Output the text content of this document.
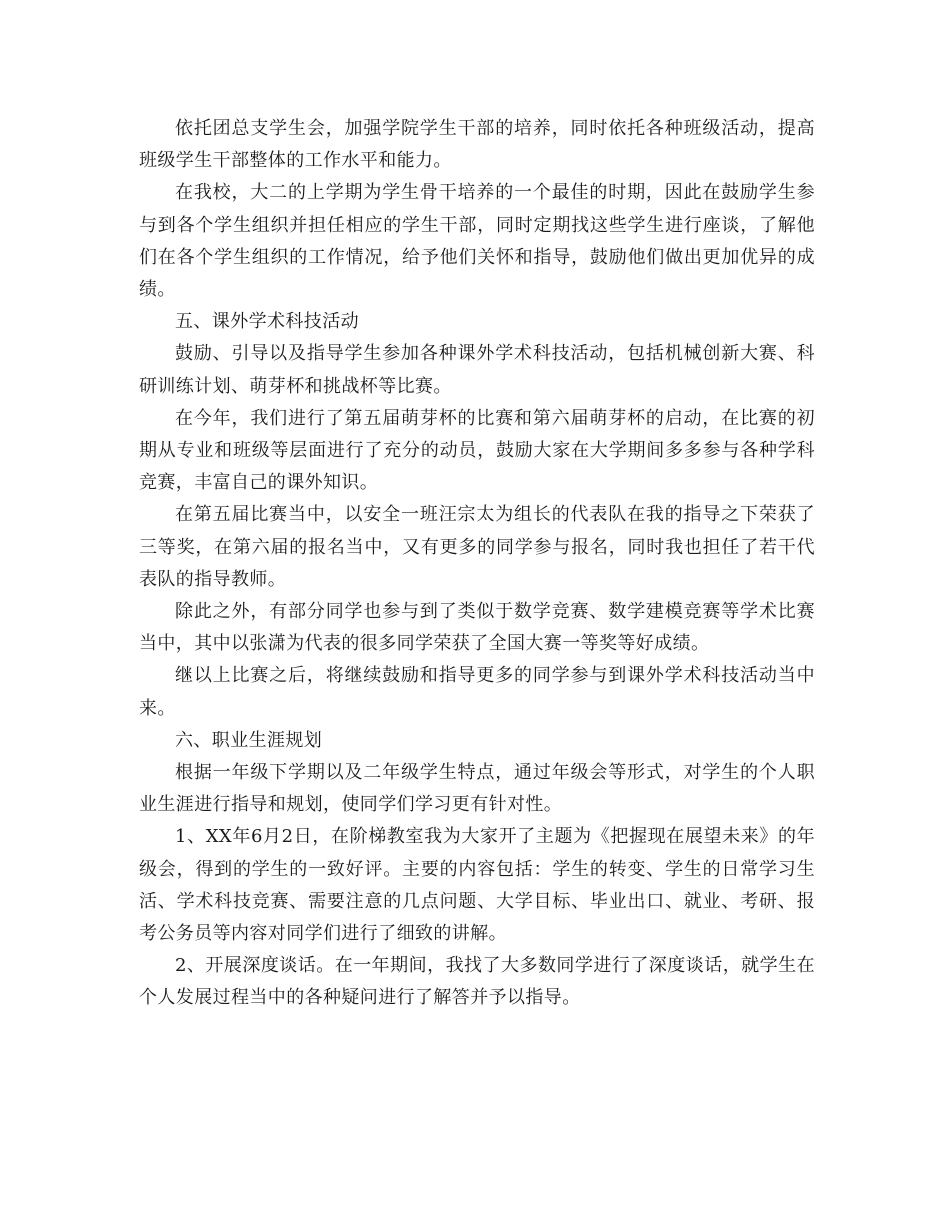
依托团总支学生会，加强学院学生干部的培养，同时依托各种班级活动，提高班级学生干部整体的工作水平和能力。

在我校，大二的上学期为学生骨干培养的一个最佳的时期，因此在鼓励学生参与到各个学生组织并担任相应的学生干部，同时定期找这些学生进行座谈，了解他们在各个学生组织的工作情况，给予他们关怀和指导，鼓励他们做出更加优异的成绩。

五、课外学术科技活动

鼓励、引导以及指导学生参加各种课外学术科技活动，包括机械创新大赛、科研训练计划、萌芽杯和挑战杯等比赛。

在今年，我们进行了第五届萌芽杯的比赛和第六届萌芽杯的启动，在比赛的初期从专业和班级等层面进行了充分的动员，鼓励大家在大学期间多多参与各种学科竞赛，丰富自己的课外知识。

在第五届比赛当中，以安全一班汪宗太为组长的代表队在我的指导之下荣获了三等奖，在第六届的报名当中，又有更多的同学参与报名，同时我也担任了若干代表队的指导教师。

除此之外，有部分同学也参与到了类似于数学竞赛、数学建模竞赛等学术比赛当中，其中以张潇为代表的很多同学荣获了全国大赛一等奖等好成绩。

继以上比赛之后，将继续鼓励和指导更多的同学参与到课外学术科技活动当中来。

六、职业生涯规划

根据一年级下学期以及二年级学生特点，通过年级会等形式，对学生的个人职业生涯进行指导和规划，使同学们学习更有针对性。

1、XX年6月2日，在阶梯教室我为大家开了主题为《把握现在展望未来》的年级会，得到的学生的一致好评。主要的内容包括：学生的转变、学生的日常学习生活、学术科技竞赛、需要注意的几点问题、大学目标、毕业出口、就业、考研、报考公务员等内容对同学们进行了细致的讲解。

2、开展深度谈话。在一年期间，我找了大多数同学进行了深度谈话，就学生在个人发展过程当中的各种疑问进行了解答并予以指导。
